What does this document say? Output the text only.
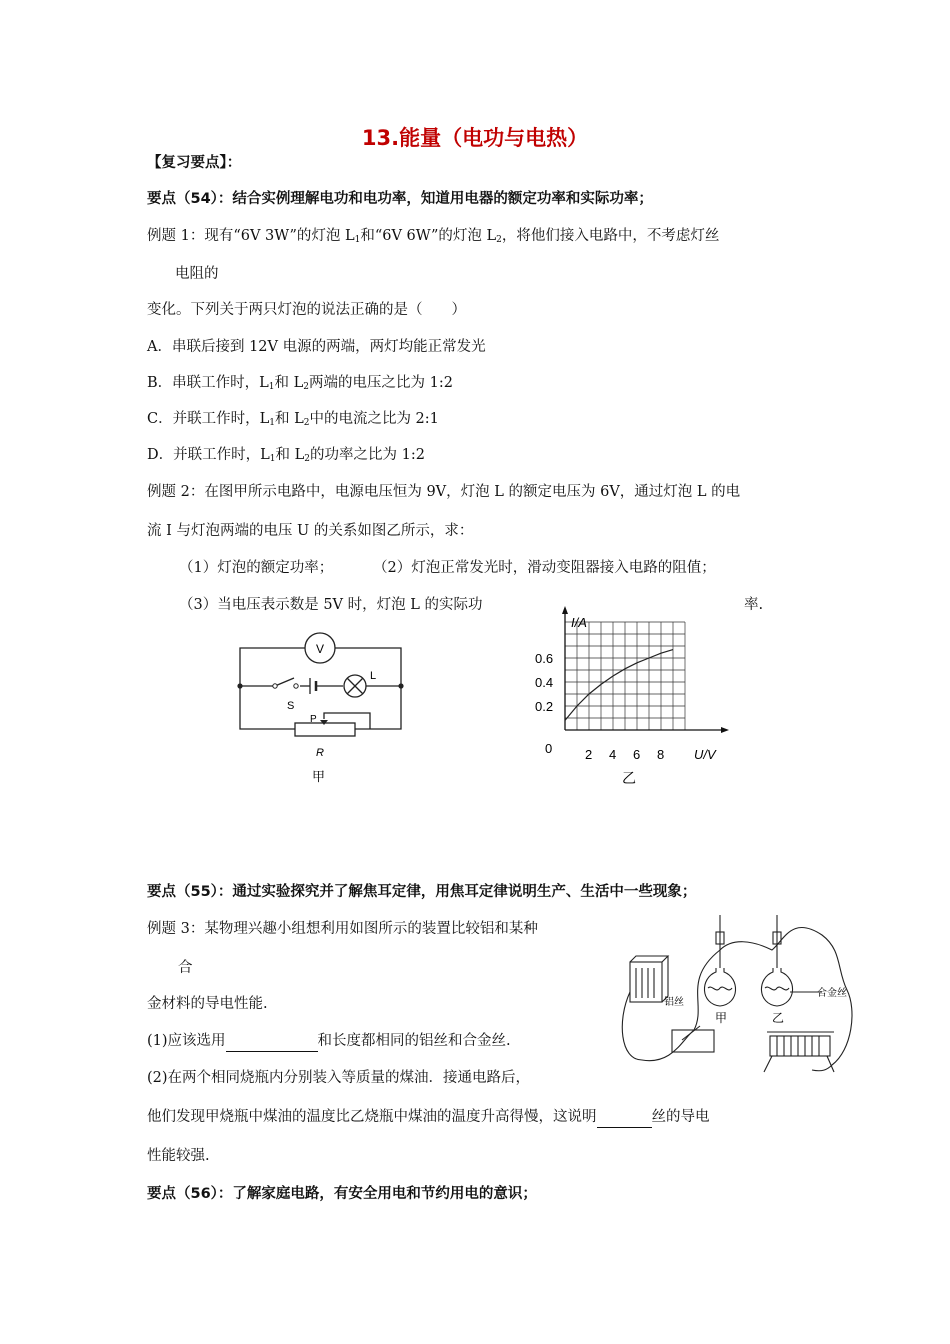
13.能量（电功与电热）
【复习要点】：
要点（54）：结合实例理解电功和电功率，知道用电器的额定功率和实际功率；
例题 1：现有“6V 3W”的灯泡 $L_1$和“6V 6W”的灯泡 $L_2$，将他们接入电路中，不考虑灯丝
电阻的
变化。下列关于两只灯泡的说法正确的是（　　）
A．串联后接到 12V 电源的两端，两灯均能正常发光
B．串联工作时，$L_1$和 $L_2$两端的电压之比为 1:2
C．并联工作时，$L_1$和 $L_2$中的电流之比为 2:1
D．并联工作时，$L_1$和 $L_2$的功率之比为 1:2
例题 2：在图甲所示电路中，电源电压恒为 9V，灯泡 L 的额定电压为 6V，通过灯泡 L 的电
流 I 与灯泡两端的电压 U 的关系如图乙所示，求：
（1）灯泡的额定功率；	（2）灯泡正常发光时，滑动变阻器接入电路的阻值；
（3）当电压表示数是 5V 时，灯泡 L 的实际功	率.
V
L
S
P
R
甲
2 4 6 8
0.2
0.4
0.6
I/A
U/V
0
乙
要点（55）：通过实验探究并了解焦耳定律，用焦耳定律说明生产、生活中一些现象；
例题 3：某物理兴趣小组想利用如图所示的装置比较铝和某种
合
金材料的导电性能.
(1)应该选用	和长度都相同的铝丝和合金丝.
(2)在两个相同烧瓶内分别装入等质量的煤油．接通电路后，
他们发现甲烧瓶中煤油的温度比乙烧瓶中煤油的温度升高得慢，这说明	丝的导电
性能较强.
铝丝
合金丝
甲	乙
要点（56）：了解家庭电路，有安全用电和节约用电的意识；
